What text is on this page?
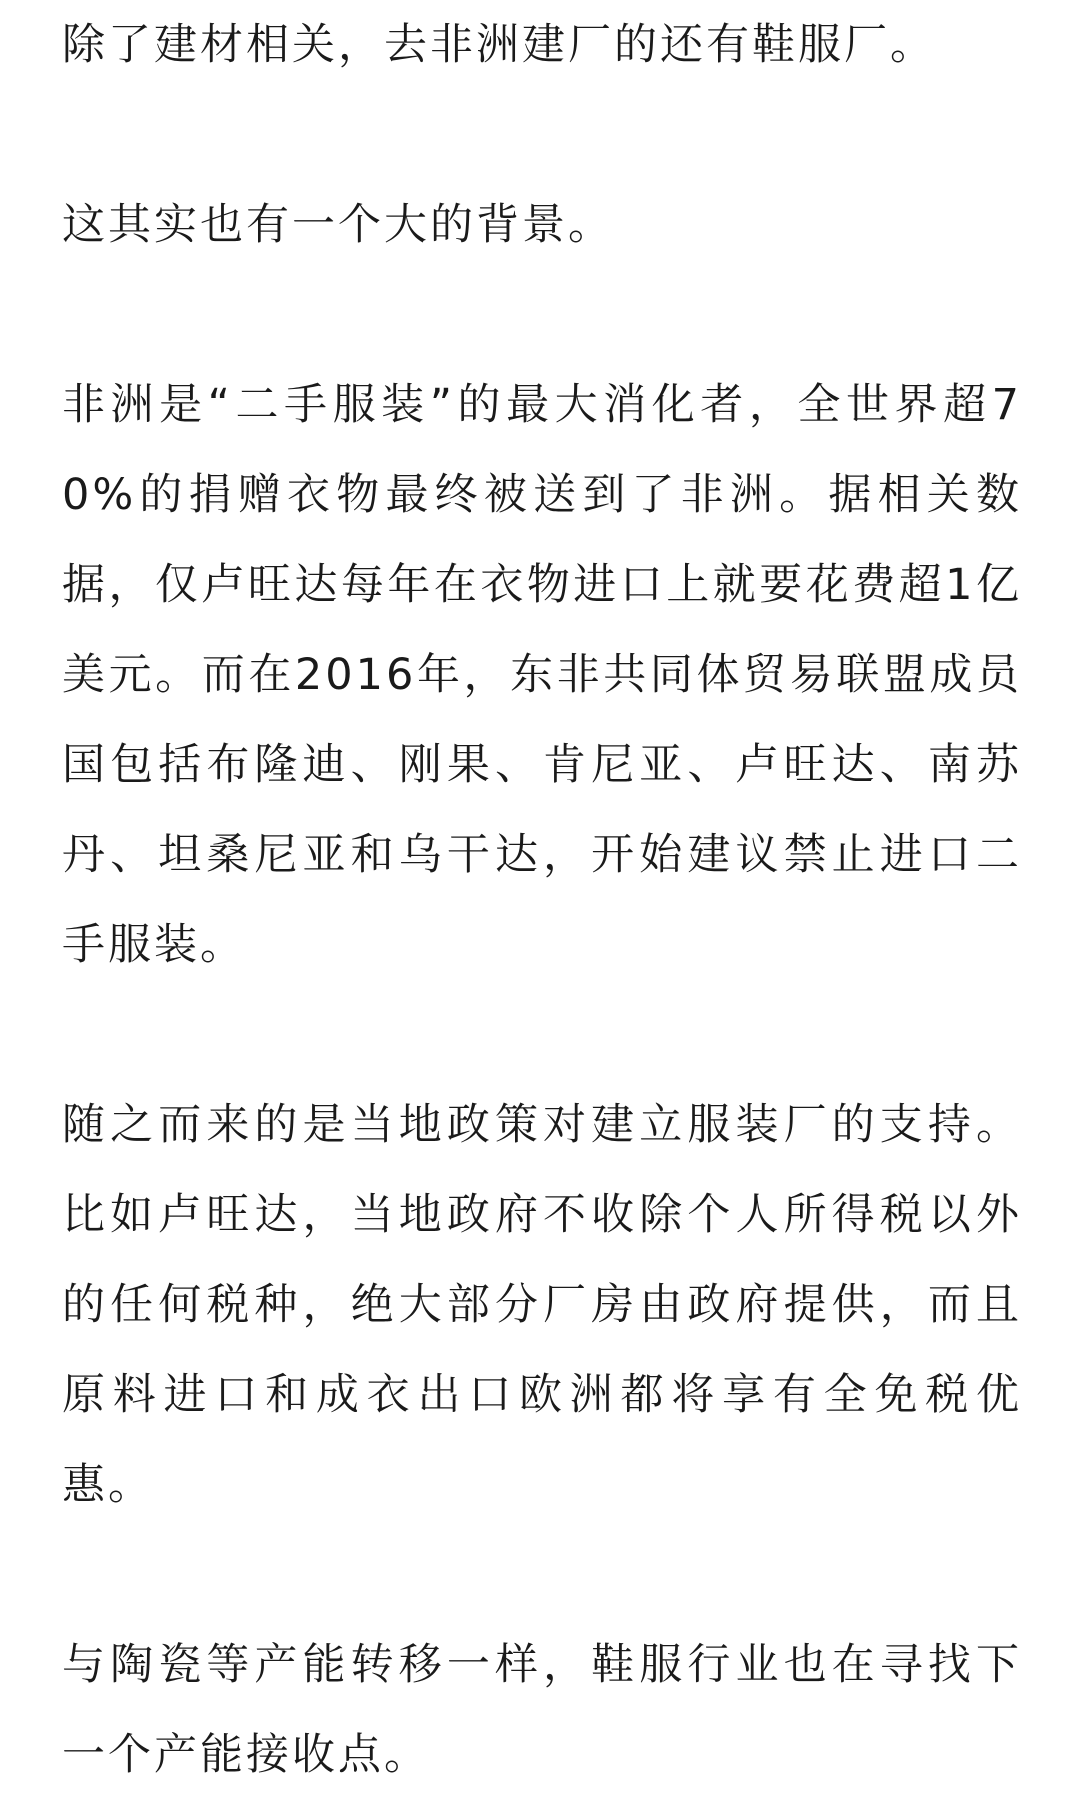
除了建材相关，去非洲建厂的还有鞋服厂。

这其实也有一个大的背景。

非洲是“二手服装”的最大消化者，全世界超70%的捐赠衣物最终被送到了非洲。据相关数据，仅卢旺达每年在衣物进口上就要花费超1亿美元。而在2016年，东非共同体贸易联盟成员国包括布隆迪、刚果、肯尼亚、卢旺达、南苏丹、坦桑尼亚和乌干达，开始建议禁止进口二手服装。

随之而来的是当地政策对建立服装厂的支持。比如卢旺达，当地政府不收除个人所得税以外的任何税种，绝大部分厂房由政府提供，而且原料进口和成衣出口欧洲都将享有全免税优惠。

与陶瓷等产能转移一样，鞋服行业也在寻找下一个产能接收点。
